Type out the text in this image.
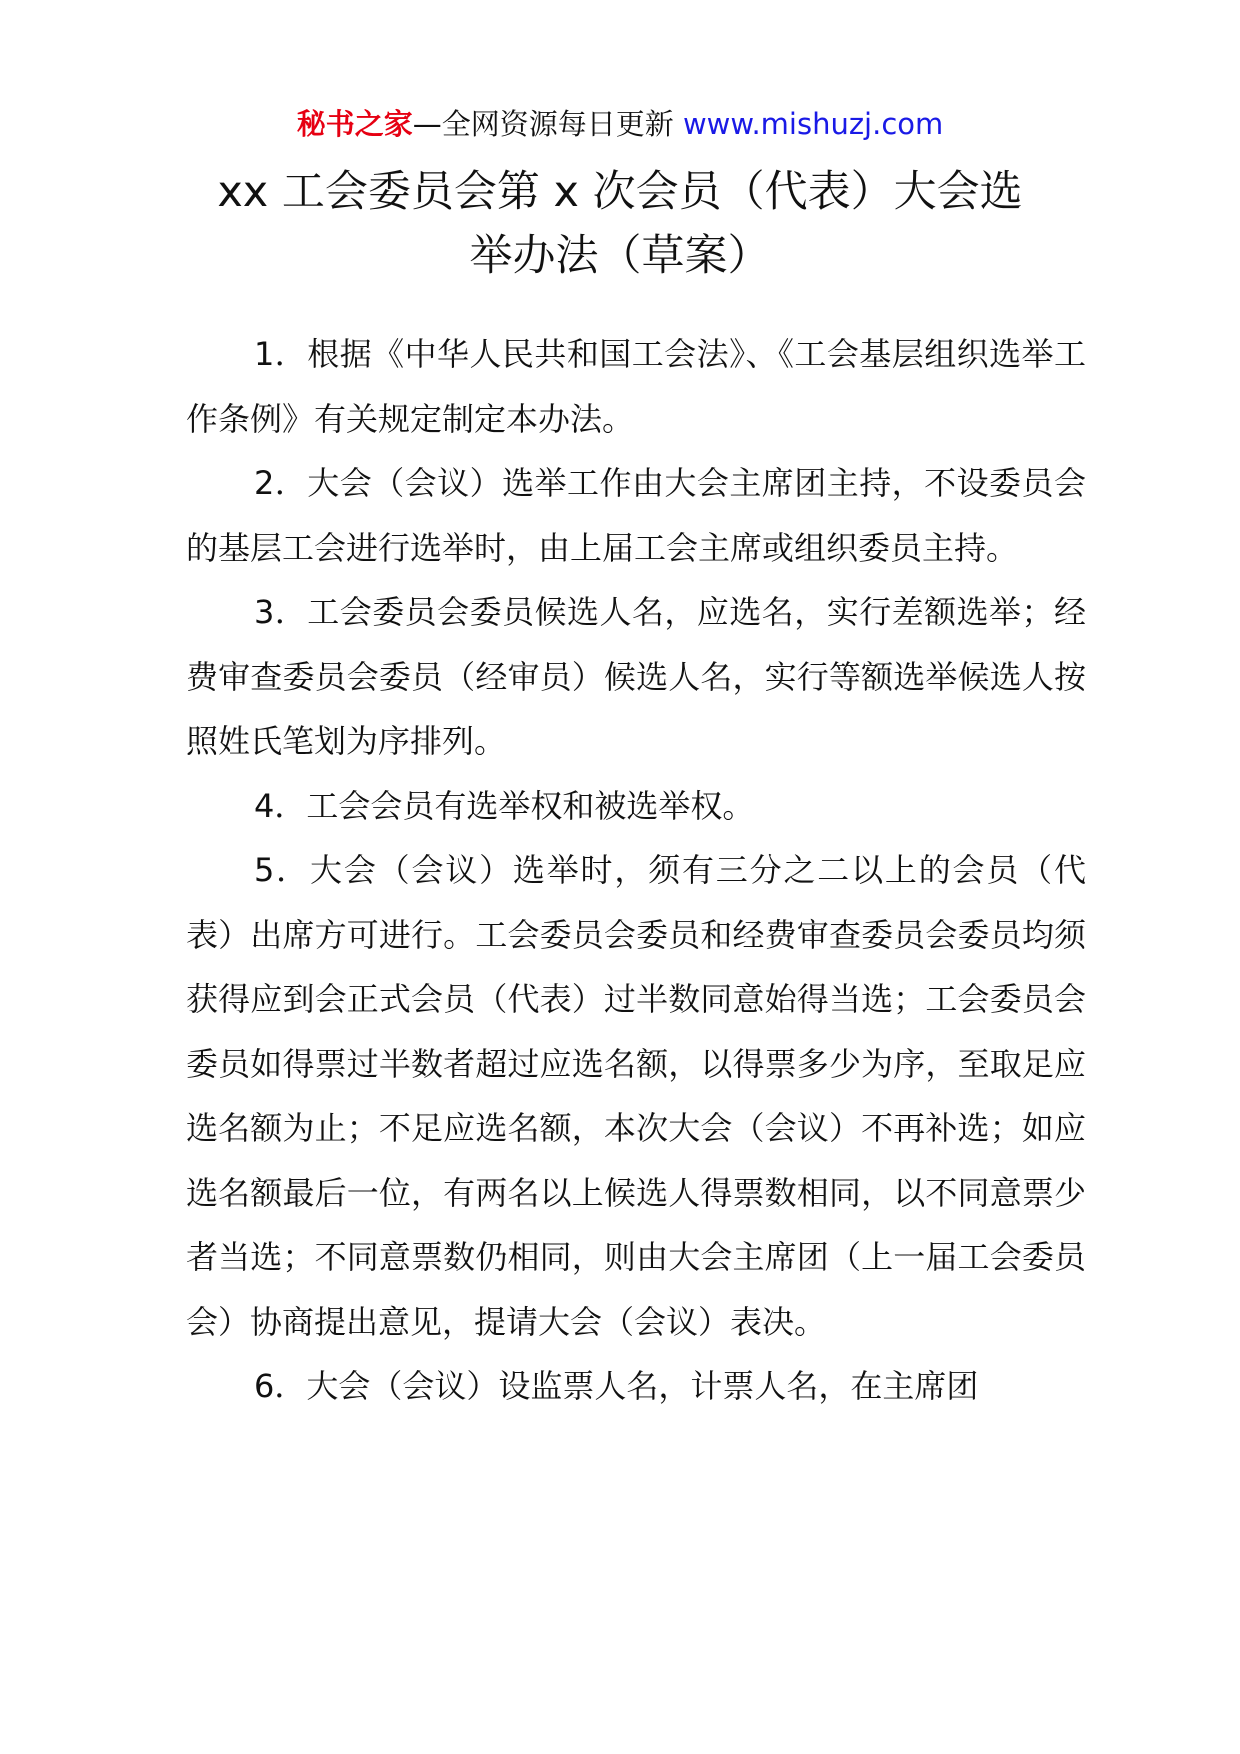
秘书之家—全网资源每日更新 www.mishuzj.com
xx 工会委员会第 x 次会员（代表）大会选
举办法（草案）

1．根据《中华人民共和国工会法》、《工会基层组织选举工作条例》有关规定制定本办法。

2．大会（会议）选举工作由大会主席团主持，不设委员会的基层工会进行选举时，由上届工会主席或组织委员主持。

3．工会委员会委员候选人名，应选名，实行差额选举；经费审查委员会委员（经审员）候选人名，实行等额选举候选人按照姓氏笔划为序排列。

4．工会会员有选举权和被选举权。

5．大会（会议）选举时，须有三分之二以上的会员（代表）出席方可进行。工会委员会委员和经费审查委员会委员均须获得应到会正式会员（代表）过半数同意始得当选；工会委员会委员如得票过半数者超过应选名额，以得票多少为序，至取足应选名额为止；不足应选名额，本次大会（会议）不再补选；如应选名额最后一位，有两名以上候选人得票数相同，以不同意票少者当选；不同意票数仍相同，则由大会主席团（上一届工会委员会）协商提出意见，提请大会（会议）表决。

6．大会（会议）设监票人名，计票人名，在主席团
